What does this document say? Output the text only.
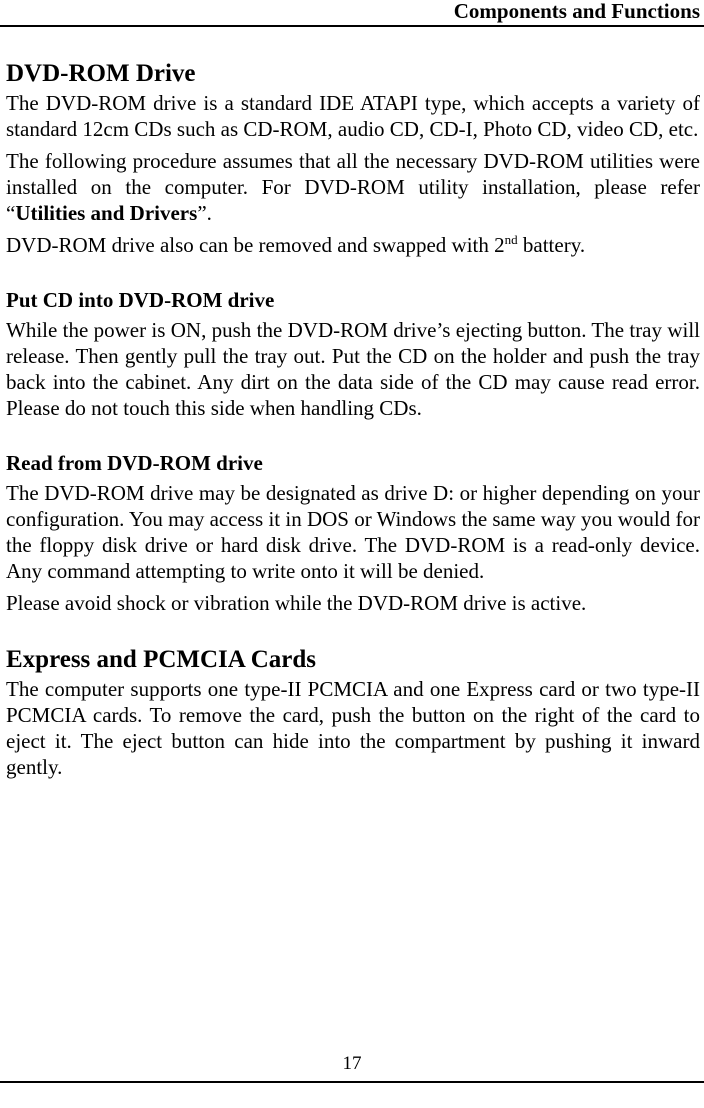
Components and Functions
DVD-ROM Drive

The DVD-ROM drive is a standard IDE ATAPI type, which accepts a variety of standard 12cm CDs such as CD-ROM, audio CD, CD-I, Photo CD, video CD, etc.

The following procedure assumes that all the necessary DVD-ROM utilities were installed on the computer. For DVD-ROM utility installation, please refer “Utilities and Drivers”.

DVD-ROM drive also can be removed and swapped with 2nd battery.

Put CD into DVD-ROM drive

While the power is ON, push the DVD-ROM drive’s ejecting button. The tray will release. Then gently pull the tray out. Put the CD on the holder and push the tray back into the cabinet. Any dirt on the data side of the CD may cause read error. Please do not touch this side when handling CDs.

Read from DVD-ROM drive

The DVD-ROM drive may be designated as drive D: or higher depending on your configuration. You may access it in DOS or Windows the same way you would for the floppy disk drive or hard disk drive. The DVD-ROM is a read-only device. Any command attempting to write onto it will be denied.

Please avoid shock or vibration while the DVD-ROM drive is active.

Express and PCMCIA Cards

The computer supports one type-II PCMCIA and one Express card or two type-II PCMCIA cards. To remove the card, push the button on the right of the card to eject it. The eject button can hide into the compartment by pushing it inward gently.

17
